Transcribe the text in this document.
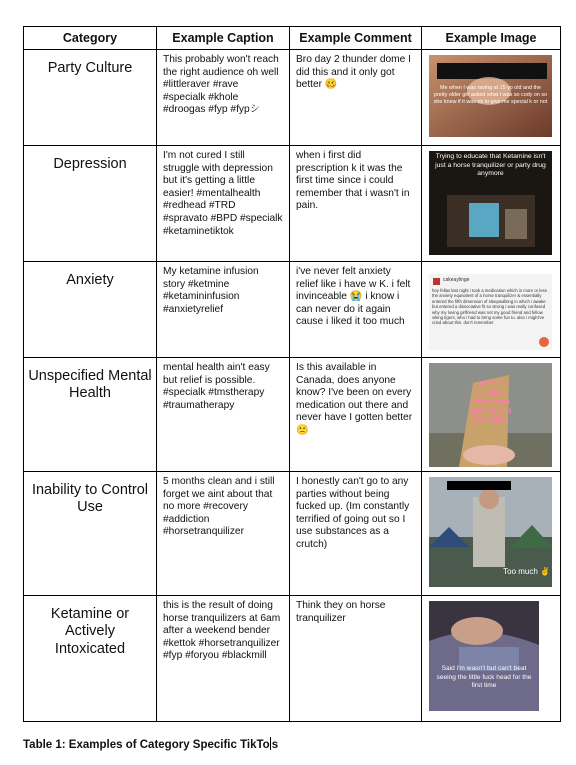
Category	Example Caption	Example Comment	Example Image
Party Culture	This probably won't reach the right audience oh well #littleraver #rave #specialk #khole #droogas #fyp #fypシ	Bro day 2 thunder dome I did this and it only got better 🥴	Me when I was raving at 15 yo old and the pretty older girl asked what I was so cody on so she knew if it was ok to give me special k or not

Depression	I'm not cured I still struggle with depression but it's getting a little easier! #mentalhealth #redhead #TRD #spravato #BPD #specialk #ketaminetiktok	when i first did prescription k it was the first time since i could remember that i wasn't in pain.	Trying to educate that Ketamine isn't just a horse tranquilizer or party drug anymore

Anxiety	My ketamine infusion story #ketmine #ketamininfusion #anxietyrelief	i've never felt anxiety relief like i have w K. i felt invinceable 😭 i know i can never do it again cause i liked it too much	cakeaylinge
hey fellas last night i took a medication which is more or less the anxiety equivalent of a horse tranquilizer & essentially entered the fifth dimension of sleepwalking in which i awake but entered a dissociative fit so strong i was really confused why my loving girlfriend was not my good friend and fellow viking tigers, who i had to bring some fun to. also i might've cried about this. don't remember

Unspecified Mental Health	mental health ain't easy but relief is possible. #specialk #tmstherapy #traumatherapy	Is this available in Canada, does anyone know? I've been on every medication out there and never have I gotten better 🙁	unmeet mental breakdown method and ketamine

Inability to Control Use	5 months clean and i still forget we aint about that no more #recovery #addiction #horsetranquilizer	I honestly can't go to any parties without being fucked up. (Im constantly terrified of going out so I use substances as a crutch)	Too much ✌

Ketamine or Actively Intoxicated	this is the result of doing horse tranquilizers at 6am after a weekend bender #kettok #horsetranquilizer #fyp #foryou #blackmill	Think they on horse tranquilizer	Said i'm wasn't but can't beat seeing the little fuck head for the first time
Table 1: Examples of Category Specific TikTo s
